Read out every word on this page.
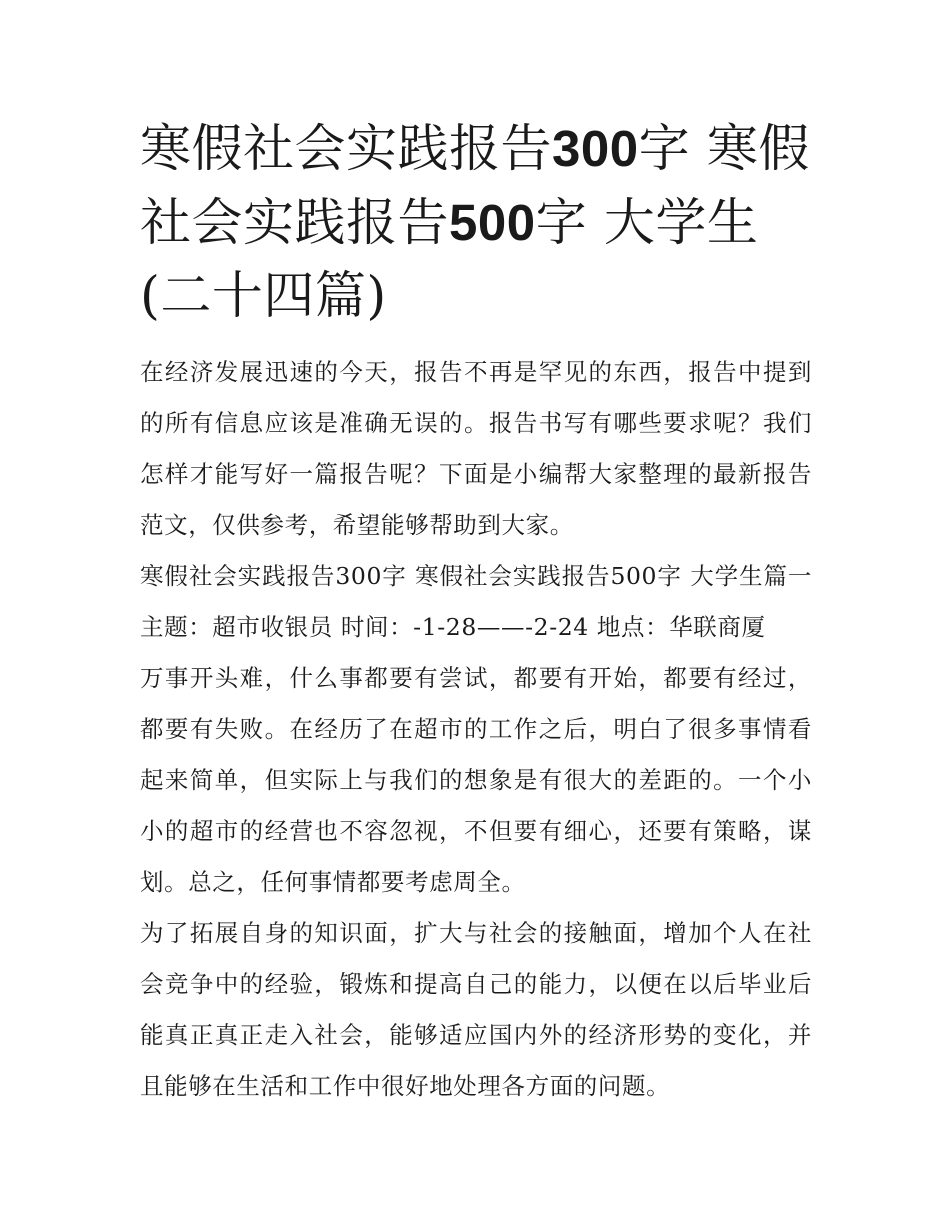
寒假社会实践报告300字 寒假社会实践报告500字 大学生(二十四篇)

在经济发展迅速的今天，报告不再是罕见的东西，报告中提到的所有信息应该是准确无误的。报告书写有哪些要求呢？我们怎样才能写好一篇报告呢？下面是小编帮大家整理的最新报告范文，仅供参考，希望能够帮助到大家。

寒假社会实践报告300字 寒假社会实践报告500字 大学生篇一 主题：超市收银员 时间：-1-28——-2-24 地点：华联商厦

万事开头难，什么事都要有尝试，都要有开始，都要有经过，都要有失败。在经历了在超市的工作之后，明白了很多事情看起来简单，但实际上与我们的想象是有很大的差距的。一个小小的超市的经营也不容忽视，不但要有细心，还要有策略，谋划。总之，任何事情都要考虑周全。

为了拓展自身的知识面，扩大与社会的接触面，增加个人在社会竞争中的经验，锻炼和提高自己的能力，以便在以后毕业后能真正真正走入社会，能够适应国内外的经济形势的变化，并且能够在生活和工作中很好地处理各方面的问题。
